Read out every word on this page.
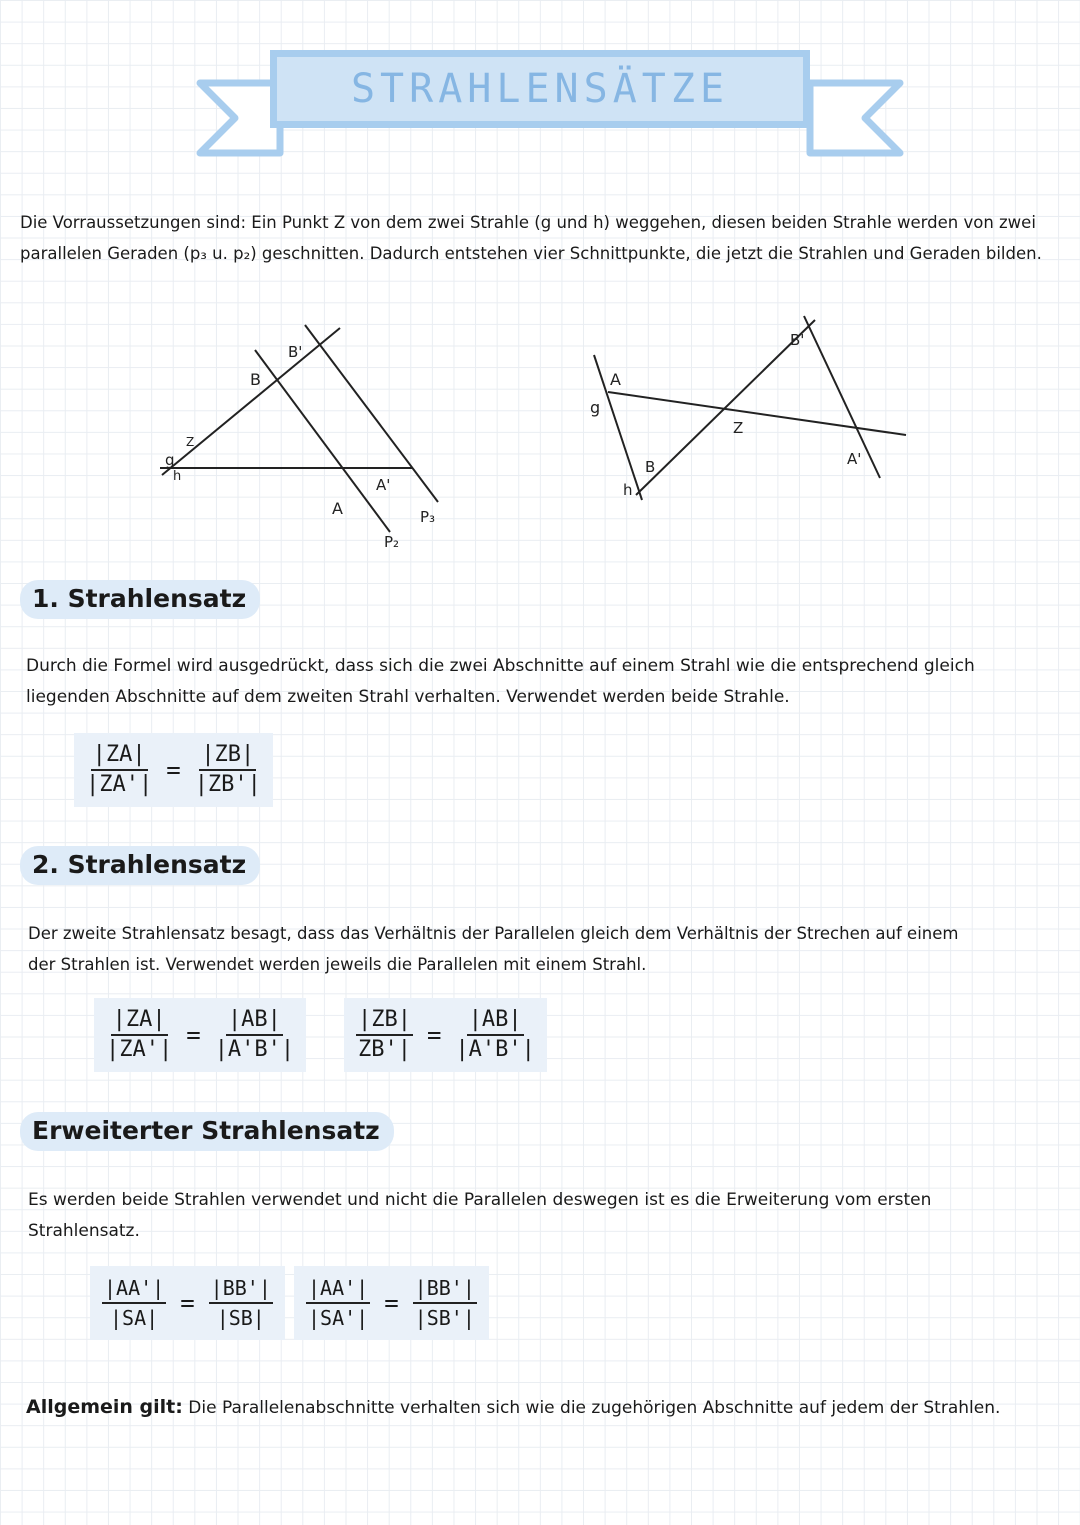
STRAHLENSÄTZE
Die Vorraussetzungen sind: Ein Punkt Z von dem zwei Strahle (g und h) weggehen, diesen beiden Strahle werden von zwei
parallelen Geraden (p₃ u. p₂) geschnitten. Dadurch entstehen vier Schnittpunkte, die jetzt die Strahlen und Geraden bilden.
g
h
Z
B
B'
A
A'
P₂
P₃
A
g
B'
Z
h
B	A'
1. Strahlensatz
Durch die Formel wird ausgedrückt, dass sich die zwei Abschnitte auf einem Strahl wie die entsprechend gleich
liegenden Abschnitte auf dem zweiten Strahl verhalten. Verwendet werden beide Strahle.
$\frac{|ZA|}{|ZA'|} = \frac{|ZB|}{|ZB'|}$
2. Strahlensatz
Der zweite Strahlensatz besagt, dass das Verhältnis der Parallelen gleich dem Verhältnis der Strechen auf einem
der Strahlen ist. Verwendet werden jeweils die Parallelen mit einem Strahl.
$\frac{|ZA|}{|ZA'|} = \frac{|AB|}{|A'B'|}$	$\frac{|ZB|}{ZB'|} = \frac{|AB|}{|A'B'|}$
Erweiterter Strahlensatz
Es werden beide Strahlen verwendet und nicht die Parallelen deswegen ist es die Erweiterung vom ersten
Strahlensatz.
$\frac{|AA'|}{|SA|} = \frac{|BB'|}{|SB|} \frac{|AA'|}{|SA'|} = \frac{|BB'|}{|SB'|}$
Allgemein gilt: Die Parallelenabschnitte verhalten sich wie die zugehörigen Abschnitte auf jedem der Strahlen.
